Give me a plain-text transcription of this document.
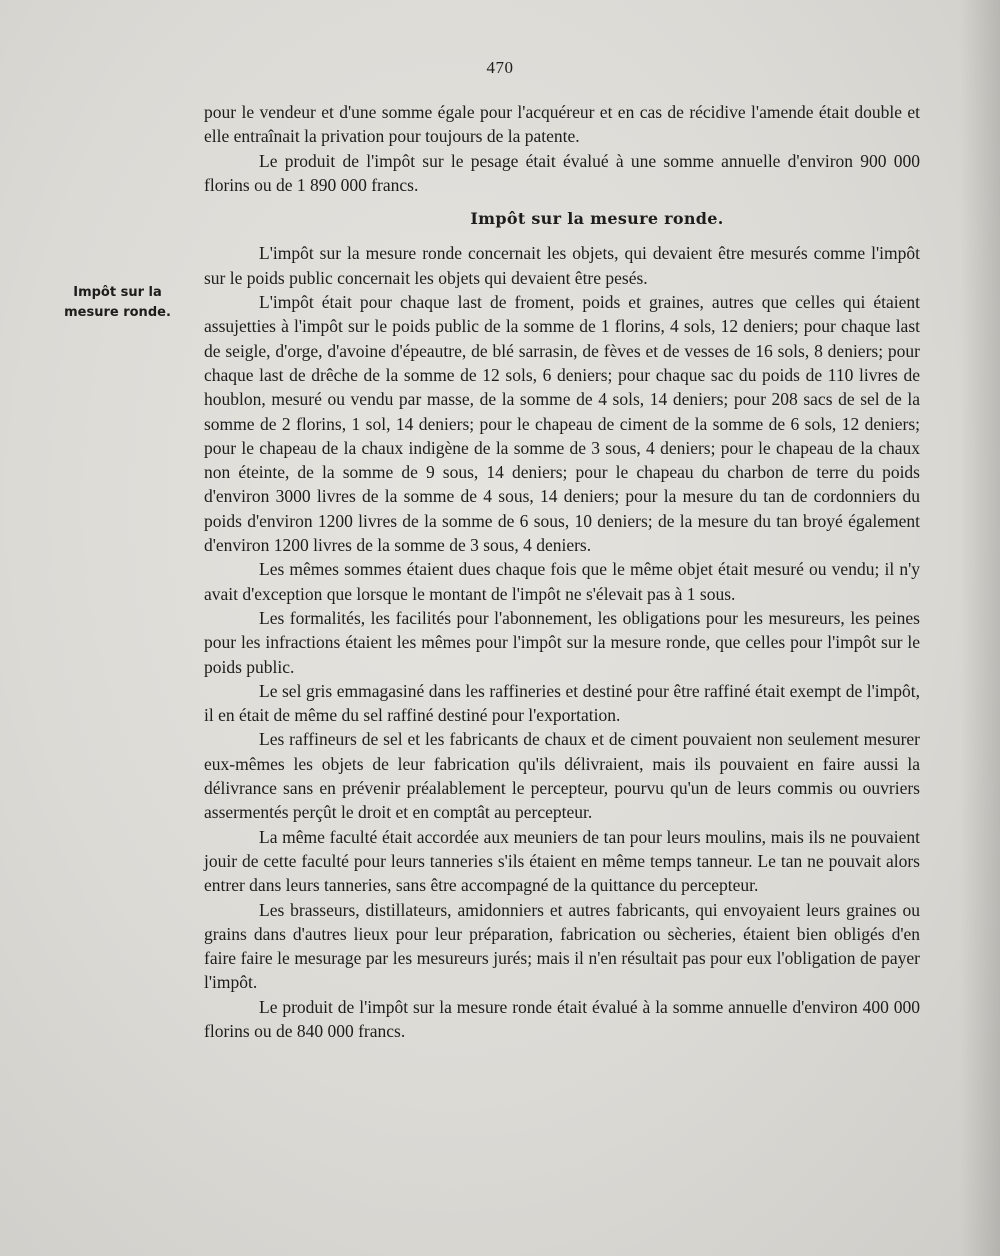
470
Impôt sur la
mesure ronde.

pour le vendeur et d'une somme égale pour l'acquéreur et en cas de récidive l'amende était double et elle entraînait la privation pour toujours de la patente.

Le produit de l'impôt sur le pesage était évalué à une somme annuelle d'environ 900 000 florins ou de 1 890 000 francs.

Impôt sur la mesure ronde.

L'impôt sur la mesure ronde concernait les objets, qui devaient être mesurés comme l'impôt sur le poids public concernait les objets qui devaient être pesés.

L'impôt était pour chaque last de froment, poids et graines, autres que celles qui étaient assujetties à l'impôt sur le poids public de la somme de 1 florins, 4 sols, 12 deniers; pour chaque last de seigle, d'orge, d'avoine d'épeautre, de blé sarrasin, de fèves et de vesses de 16 sols, 8 deniers; pour chaque last de drêche de la somme de 12 sols, 6 deniers; pour chaque sac du poids de 110 livres de houblon, mesuré ou vendu par masse, de la somme de 4 sols, 14 deniers; pour 208 sacs de sel de la somme de 2 florins, 1 sol, 14 deniers; pour le chapeau de ciment de la somme de 6 sols, 12 deniers; pour le chapeau de la chaux indigène de la somme de 3 sous, 4 deniers; pour le chapeau de la chaux non éteinte, de la somme de 9 sous, 14 deniers; pour le chapeau du charbon de terre du poids d'environ 3000 livres de la somme de 4 sous, 14 deniers; pour la mesure du tan de cordonniers du poids d'environ 1200 livres de la somme de 6 sous, 10 deniers; de la mesure du tan broyé également d'environ 1200 livres de la somme de 3 sous, 4 deniers.

Les mêmes sommes étaient dues chaque fois que le même objet était mesuré ou vendu; il n'y avait d'exception que lorsque le montant de l'impôt ne s'élevait pas à 1 sous.

Les formalités, les facilités pour l'abonnement, les obligations pour les mesureurs, les peines pour les infractions étaient les mêmes pour l'impôt sur la mesure ronde, que celles pour l'impôt sur le poids public.

Le sel gris emmagasiné dans les raffineries et destiné pour être raffiné était exempt de l'impôt, il en était de même du sel raffiné destiné pour l'exportation.

Les raffineurs de sel et les fabricants de chaux et de ciment pouvaient non seulement mesurer eux-mêmes les objets de leur fabrication qu'ils délivraient, mais ils pouvaient en faire aussi la délivrance sans en prévenir préalablement le percepteur, pourvu qu'un de leurs commis ou ouvriers assermentés perçût le droit et en comptât au percepteur.

La même faculté était accordée aux meuniers de tan pour leurs moulins, mais ils ne pouvaient jouir de cette faculté pour leurs tanneries s'ils étaient en même temps tanneur. Le tan ne pouvait alors entrer dans leurs tanneries, sans être accompagné de la quittance du percepteur.

Les brasseurs, distillateurs, amidonniers et autres fabricants, qui envoyaient leurs graines ou grains dans d'autres lieux pour leur préparation, fabrication ou sècheries, étaient bien obligés d'en faire faire le mesurage par les mesureurs jurés; mais il n'en résultait pas pour eux l'obligation de payer l'impôt.

Le produit de l'impôt sur la mesure ronde était évalué à la somme annuelle d'environ 400 000 florins ou de 840 000 francs.
